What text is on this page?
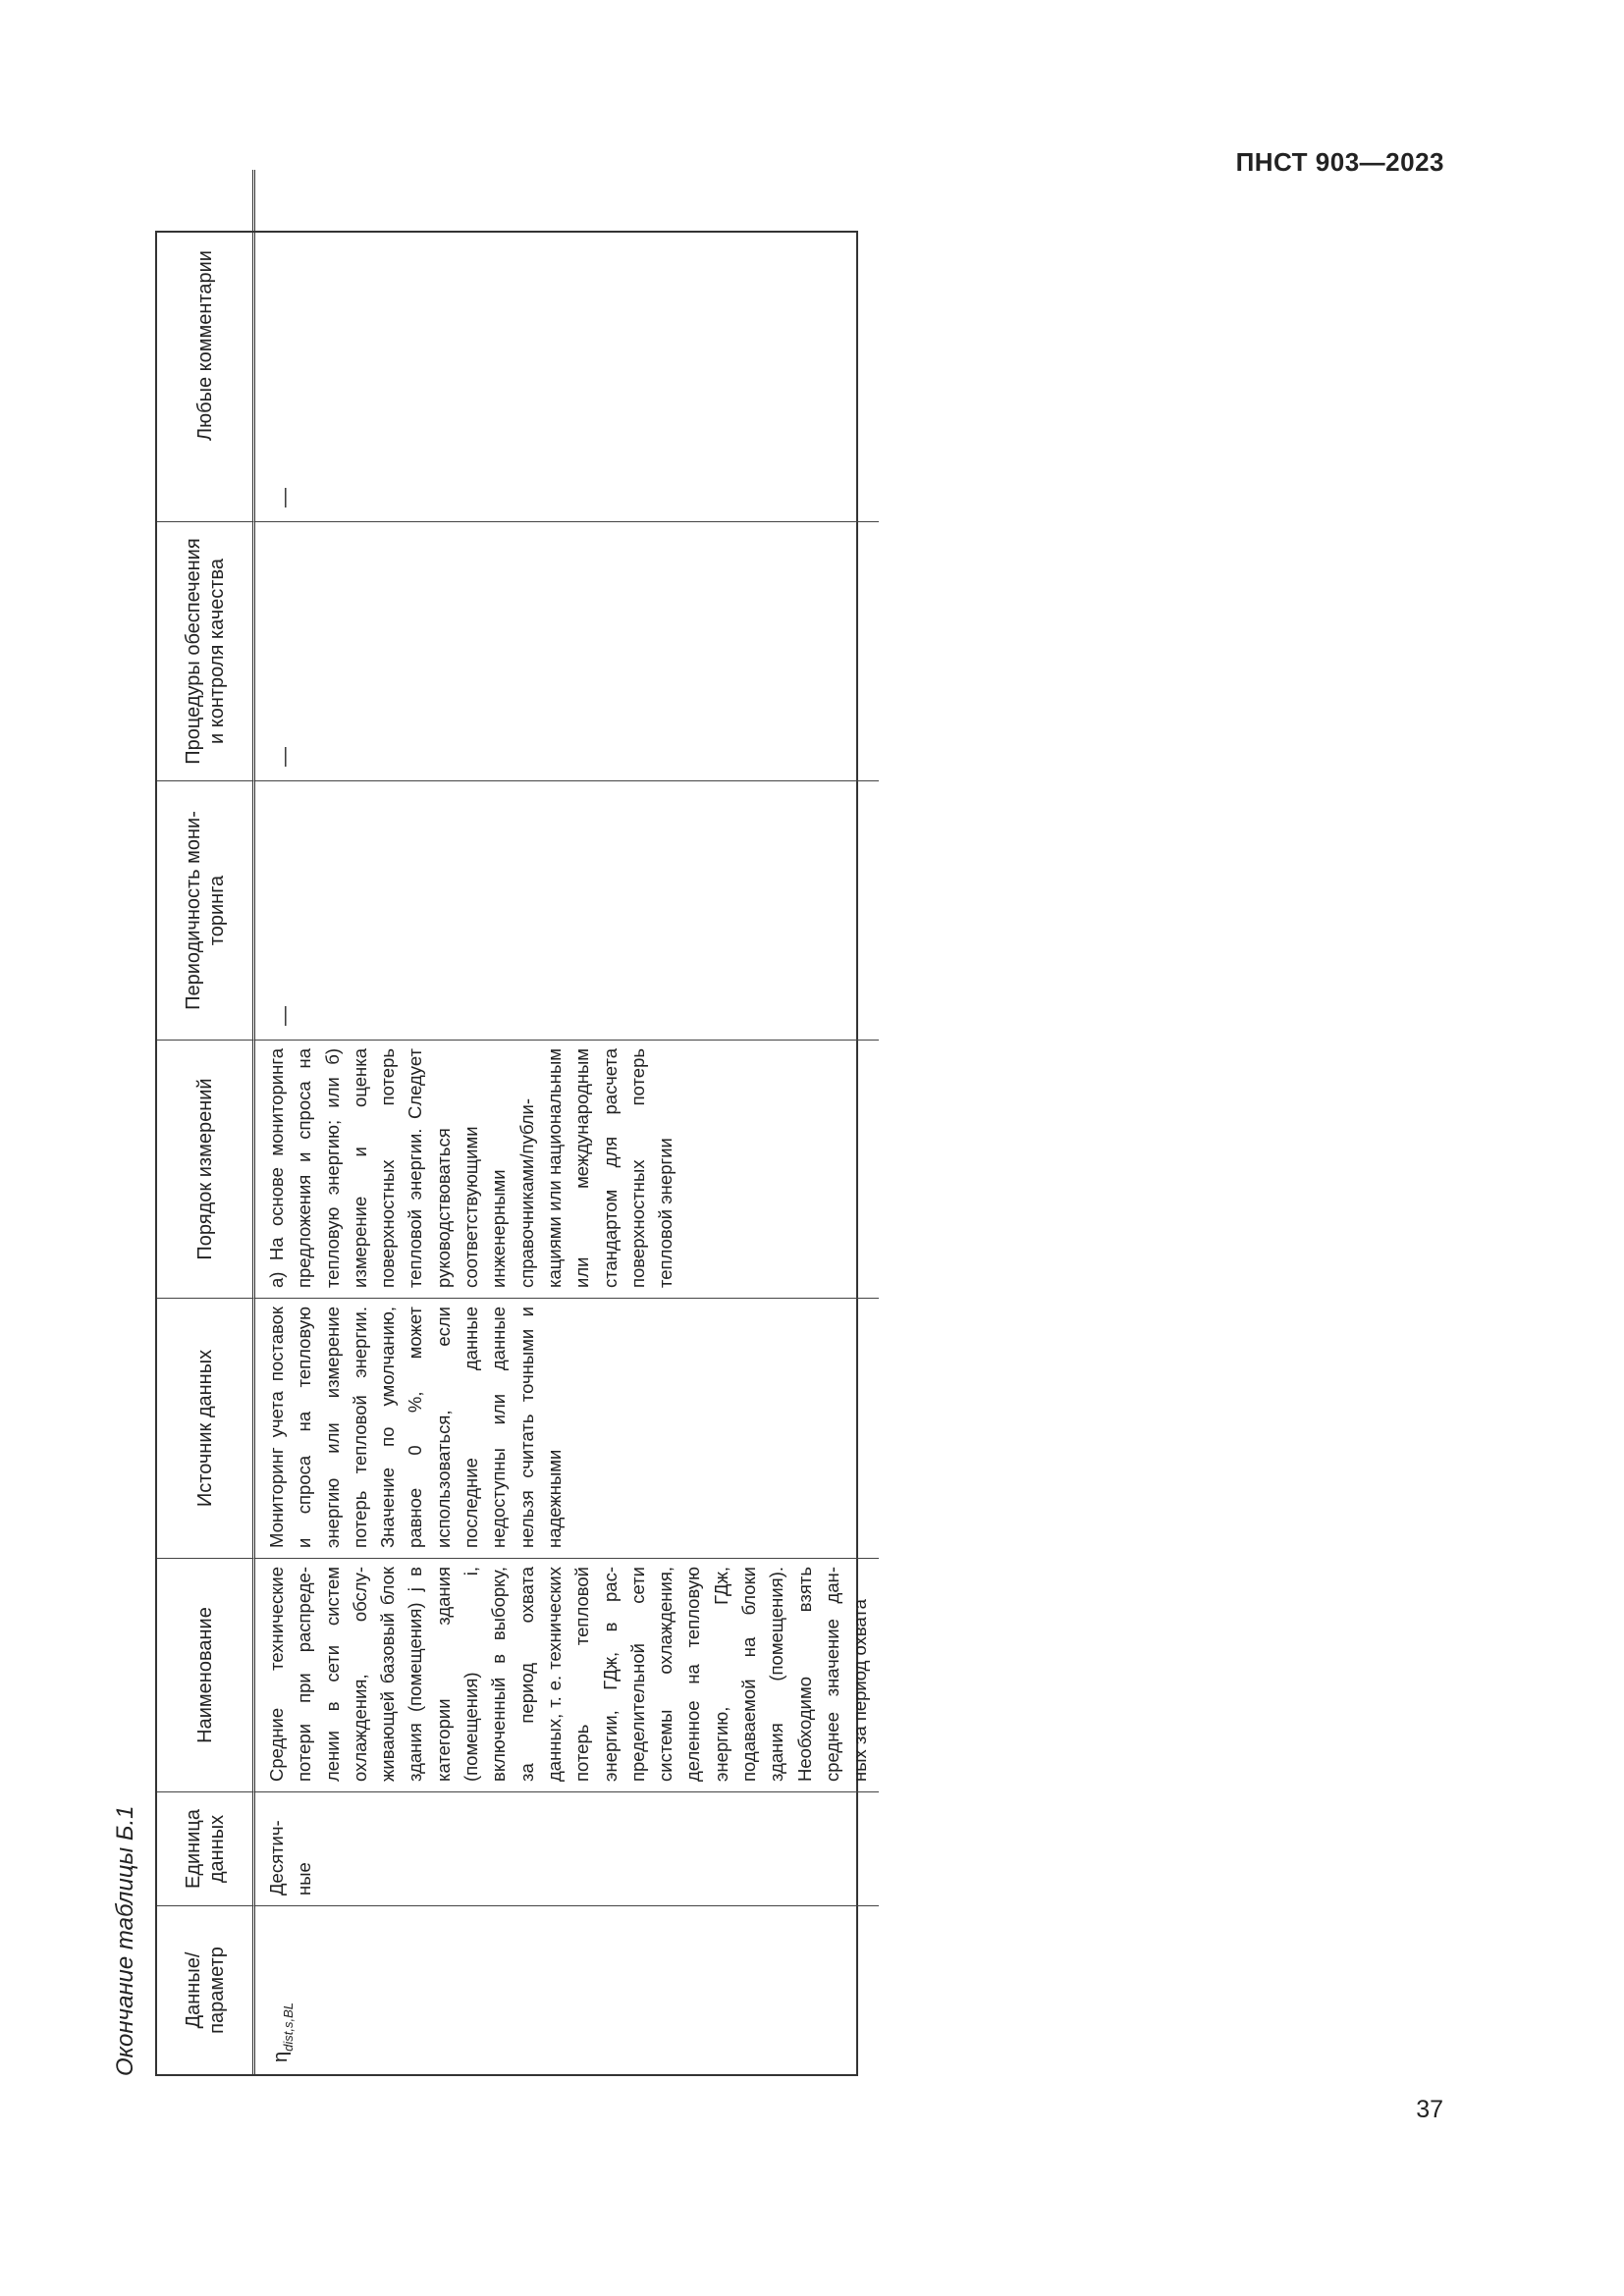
ПНСТ 903—2023
Окончание таблицы Б.1	Данные/ параметр
Единица данных
Наименование
Источник данных
Порядок измерений
Периодичность мониторинга
Процедуры обеспечения и контроля качества
Любые комментарии
$\eta_{dist,s,BL}$
Десятичные
Средние технические потери при распределении в сети систем охлаждения, обслуживающей базовый блок здания (помещения) j в категории здания (помещения) i, включенный в выборку, за период охвата данных, т. е. технических потерь тепловой энергии, ГДж, в распределительной сети системы охлаждения, деленное на тепловую энергию, ГДж, подаваемой на блоки здания (помещения). Необходимо взять среднее значение данных за период охвата
Мониторинг учета поставок и спроса на тепловую энергию или измерение потерь тепловой энергии. Значение по умолчанию, равное 0 %, может использоваться, если последние данные недоступны или данные нельзя считать точными и надежными
а) На основе мониторинга предложения и спроса на тепловую энергию; или б) измерение и оценка поверхностных потерь тепловой энергии. Следует руководствоваться соответствующими инженерными справочниками/публикациями или национальным или международным стандартом для расчета поверхностных потерь тепловой энергии
—
—
—
37
